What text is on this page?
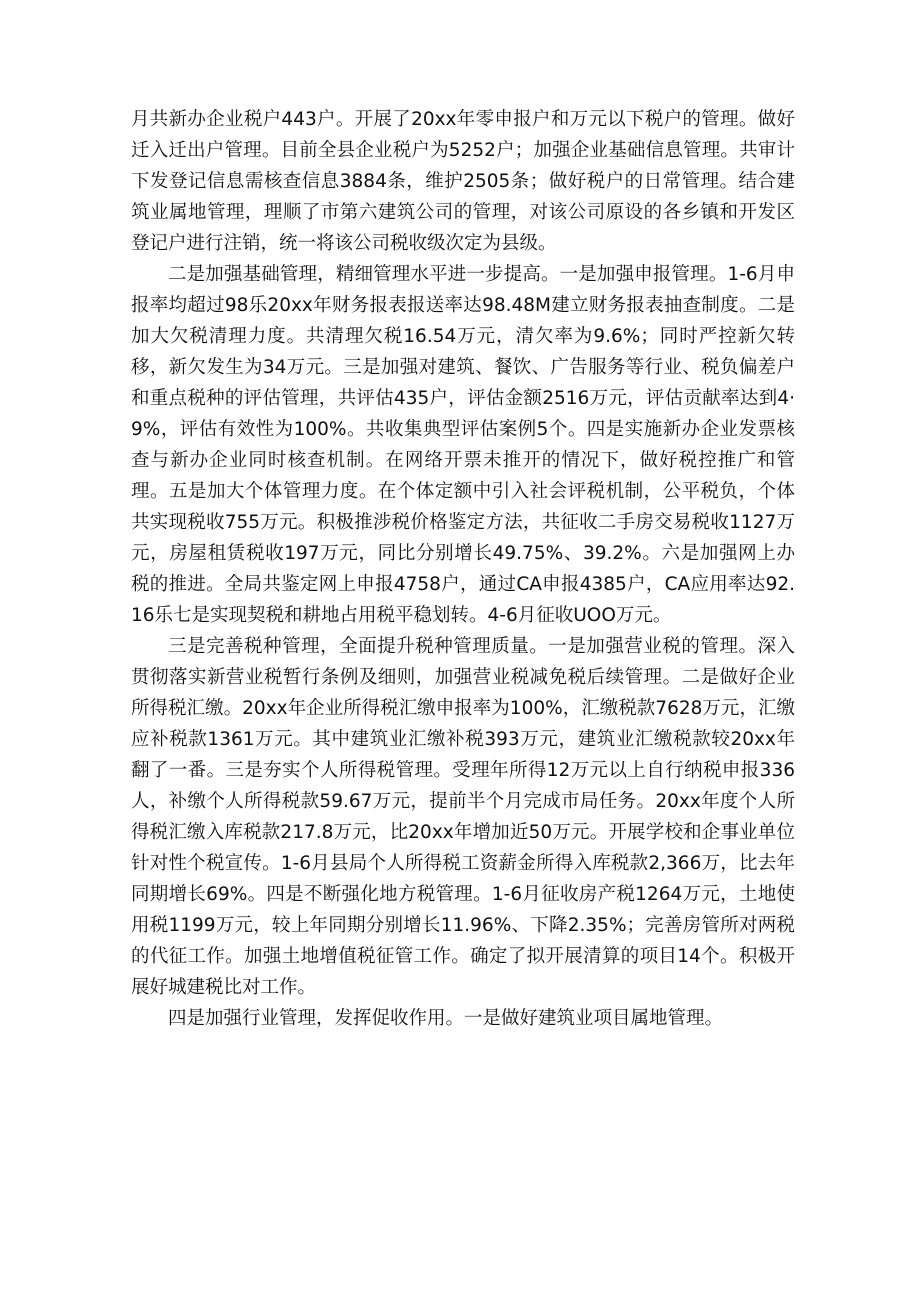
月共新办企业税户443户。开展了20xx年零申报户和万元以下税户的管理。做好迁入迁出户管理。目前全县企业税户为5252户；加强企业基础信息管理。共审计下发登记信息需核查信息3884条，维护2505条；做好税户的日常管理。结合建筑业属地管理，理顺了市第六建筑公司的管理，对该公司原设的各乡镇和开发区登记户进行注销，统一将该公司税收级次定为县级。

二是加强基础管理，精细管理水平进一步提高。一是加强申报管理。1-6月申报率均超过98乐20xx年财务报表报送率达98.48M建立财务报表抽查制度。二是加大欠税清理力度。共清理欠税16.54万元，清欠率为9.6%；同时严控新欠转移，新欠发生为34万元。三是加强对建筑、餐饮、广告服务等行业、税负偏差户和重点税种的评估管理，共评估435户，评估金额2516万元，评估贡献率达到4·9%，评估有效性为100%。共收集典型评估案例5个。四是实施新办企业发票核查与新办企业同时核查机制。在网络开票未推开的情况下，做好税控推广和管理。五是加大个体管理力度。在个体定额中引入社会评税机制，公平税负，个体共实现税收755万元。积极推涉税价格鉴定方法，共征收二手房交易税收1127万元，房屋租赁税收197万元，同比分别增长49.75%、39.2%。六是加强网上办税的推进。全局共鉴定网上申报4758户，通过CA申报4385户，CA应用率达92.16乐七是实现契税和耕地占用税平稳划转。4-6月征收UOO万元。

三是完善税种管理，全面提升税种管理质量。一是加强营业税的管理。深入贯彻落实新营业税暂行条例及细则，加强营业税减免税后续管理。二是做好企业所得税汇缴。20xx年企业所得税汇缴申报率为100%，汇缴税款7628万元，汇缴应补税款1361万元。其中建筑业汇缴补税393万元，建筑业汇缴税款较20xx年翻了一番。三是夯实个人所得税管理。受理年所得12万元以上自行纳税申报336人，补缴个人所得税款59.67万元，提前半个月完成市局任务。20xx年度个人所得税汇缴入库税款217.8万元，比20xx年增加近50万元。开展学校和企事业单位针对性个税宣传。1-6月县局个人所得税工资薪金所得入库税款2,366万，比去年同期增长69%。四是不断强化地方税管理。1-6月征收房产税1264万元，土地使用税1199万元，较上年同期分别增长11.96%、下降2.35%；完善房管所对两税的代征工作。加强土地增值税征管工作。确定了拟开展清算的项目14个。积极开展好城建税比对工作。

四是加强行业管理，发挥促收作用。一是做好建筑业项目属地管理。
